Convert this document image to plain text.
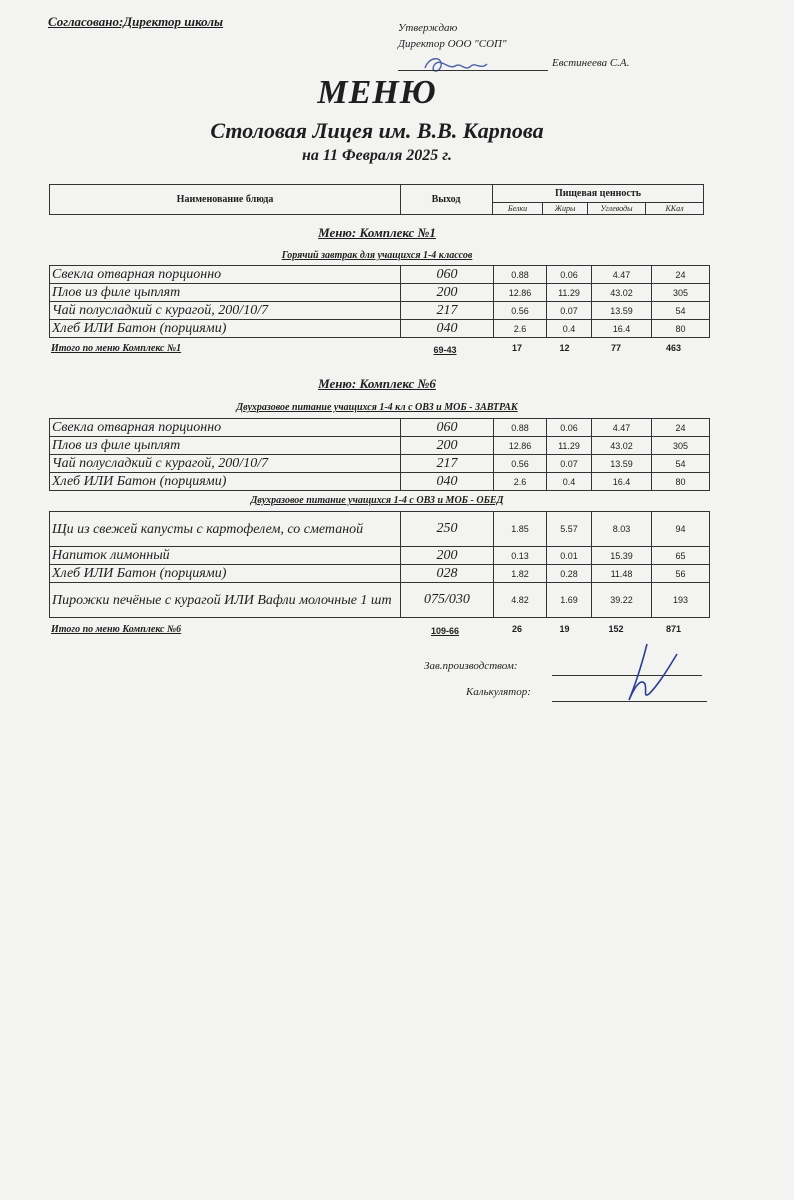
Согласовано:Директор школы	Утверждаю
Директор ООО "СОП"
Евстинеева С.А.
МЕНЮ
Столовая Лицея им. В.В. Карпова
на 11 Февраля 2025 г.
Наименование блюда	Выход
Пищевая ценность
Белки	Жиры	Углеводы	ККал
Меню: Комплекс №1
Горячий завтрак для учащихся 1-4 классов
Свекла отварная порционно	060	0.88	0.06	4.47	24
Плов из филе цыплят	200	12.86	11.29	43.02	305
Чай полусладкий с курагой, 200/10/7	217	0.56	0.07	13.59	54
Хлеб ИЛИ Батон (порциями)	040	2.6	0.4	16.4	80
Итого по меню Комплекс №1	69-43	17	12	77	463
Меню: Комплекс №6
Двухразовое питание учащихся 1-4 кл с ОВЗ и МОБ - ЗАВТРАК
Свекла отварная порционно	060	0.88	0.06	4.47	24
Плов из филе цыплят	200	12.86	11.29	43.02	305
Чай полусладкий с курагой, 200/10/7	217	0.56	0.07	13.59	54
Хлеб ИЛИ Батон (порциями)	040	2.6	0.4	16.4	80
Двухразовое питание учащихся 1-4 с ОВЗ и МОБ - ОБЕД
Щи из свежей капусты с картофелем, со сметаной	250	1.85	5.57	8.03	94
Напиток лимонный	200	0.13	0.01	15.39	65
Хлеб ИЛИ Батон (порциями)	028	1.82	0.28	11.48	56
Пирожки печёные с курагой ИЛИ Вафли молочные 1 шт	075/030	4.82	1.69	39.22	193
Итого по меню Комплекс №6	109-66	26	19	152	871
Зав.производством:
Калькулятор:
